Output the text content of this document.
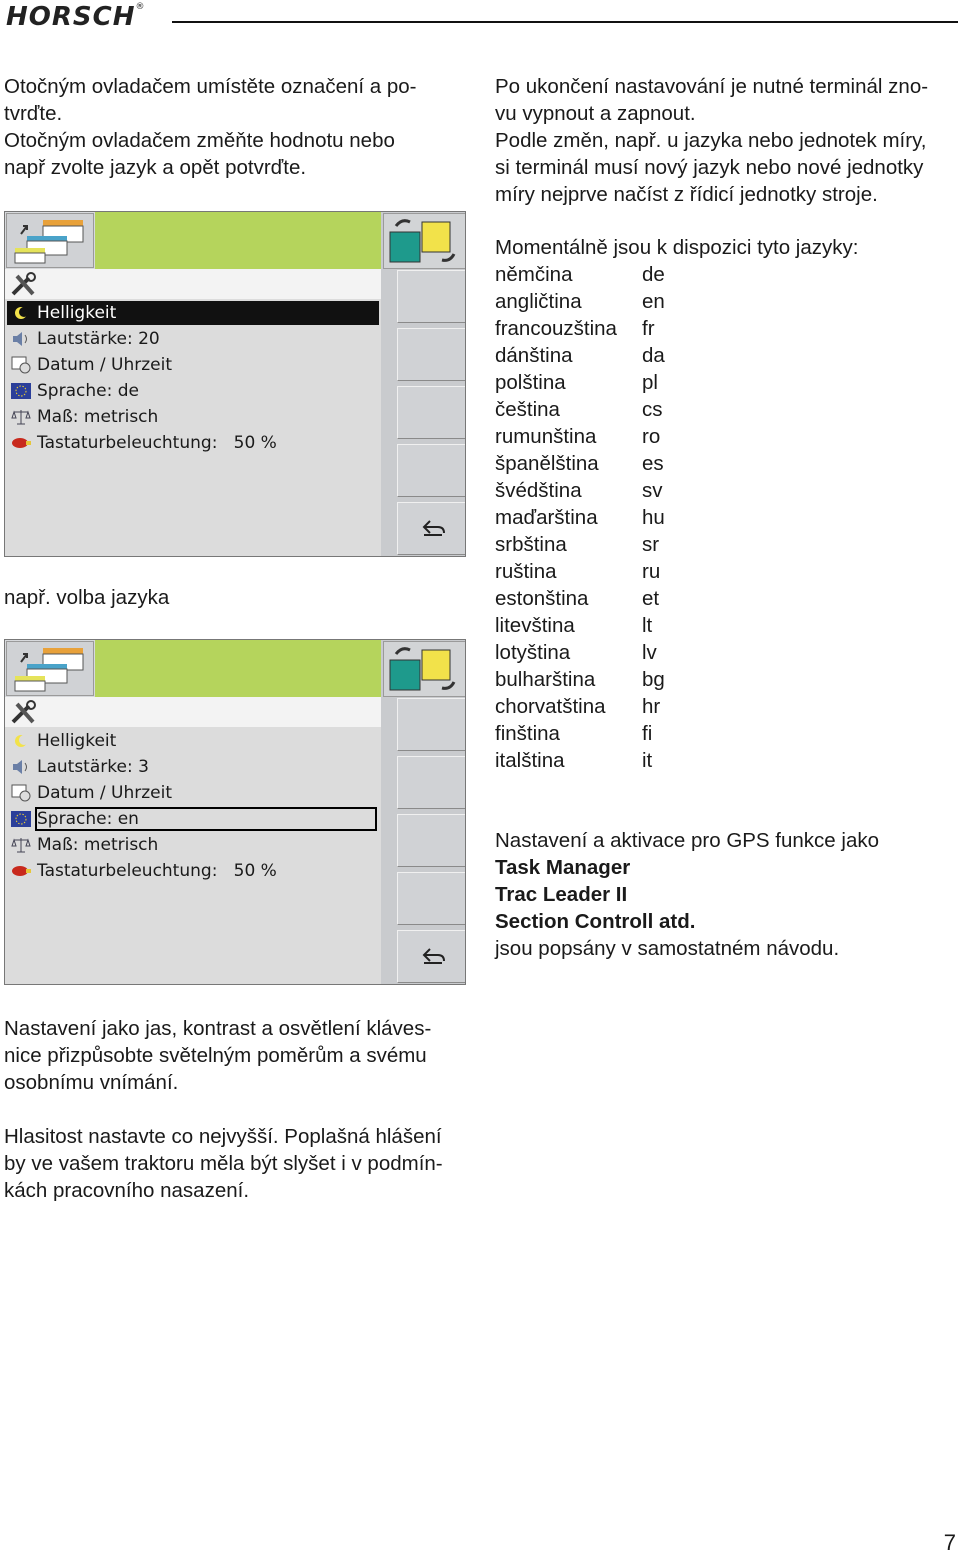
HORSCH®

Otočným ovladačem umístěte označení a po-

tvrďte.

Otočným ovladačem změňte hodnotu nebo

např zvolte jazyk a opět potvrďte.

Po ukončení nastavování je nutné terminál zno-

vu vypnout a zapnout.

Podle změn, např. u jazyka nebo jednotek míry,

si terminál musí nový jazyk nebo nové jednotky

míry nejprve načíst z řídicí jednotky stroje.

Helligkeit
Lautstärke: 20
Datum / Uhrzeit
Sprache: de
Maß: metrisch
Tastaturbeleuchtung:   50 %
např. volba jazyka
Helligkeit
Lautstärke: 3
Datum / Uhrzeit
Sprache: en
Maß: metrisch
Tastaturbeleuchtung:   50 %
Momentálně jsou k dispozici tyto jazyky:
němčina	de
angličtina	en
francouzština fr
dánština	da
polština	pl
čeština	cs
rumunština ro
španělština es
švédština	sv
maďarština hu
srbština	sr
ruština	ru
estonština	et
litevština	lt
lotyština	lv
bulharština bg
chorvatština hr
finština	fi
italština	it

Nastavení a aktivace pro GPS funkce jako

Task Manager

Trac Leader II

Section Controll atd.

jsou popsány v samostatném návodu.

Nastavení jako jas, kontrast a osvětlení kláves-

nice přizpůsobte světelným poměrům a svému

osobnímu vnímání.

Hlasitost nastavte co nejvyšší. Poplašná hlášení

by ve vašem traktoru měla být slyšet i v podmín-

kách pracovního nasazení.

7
